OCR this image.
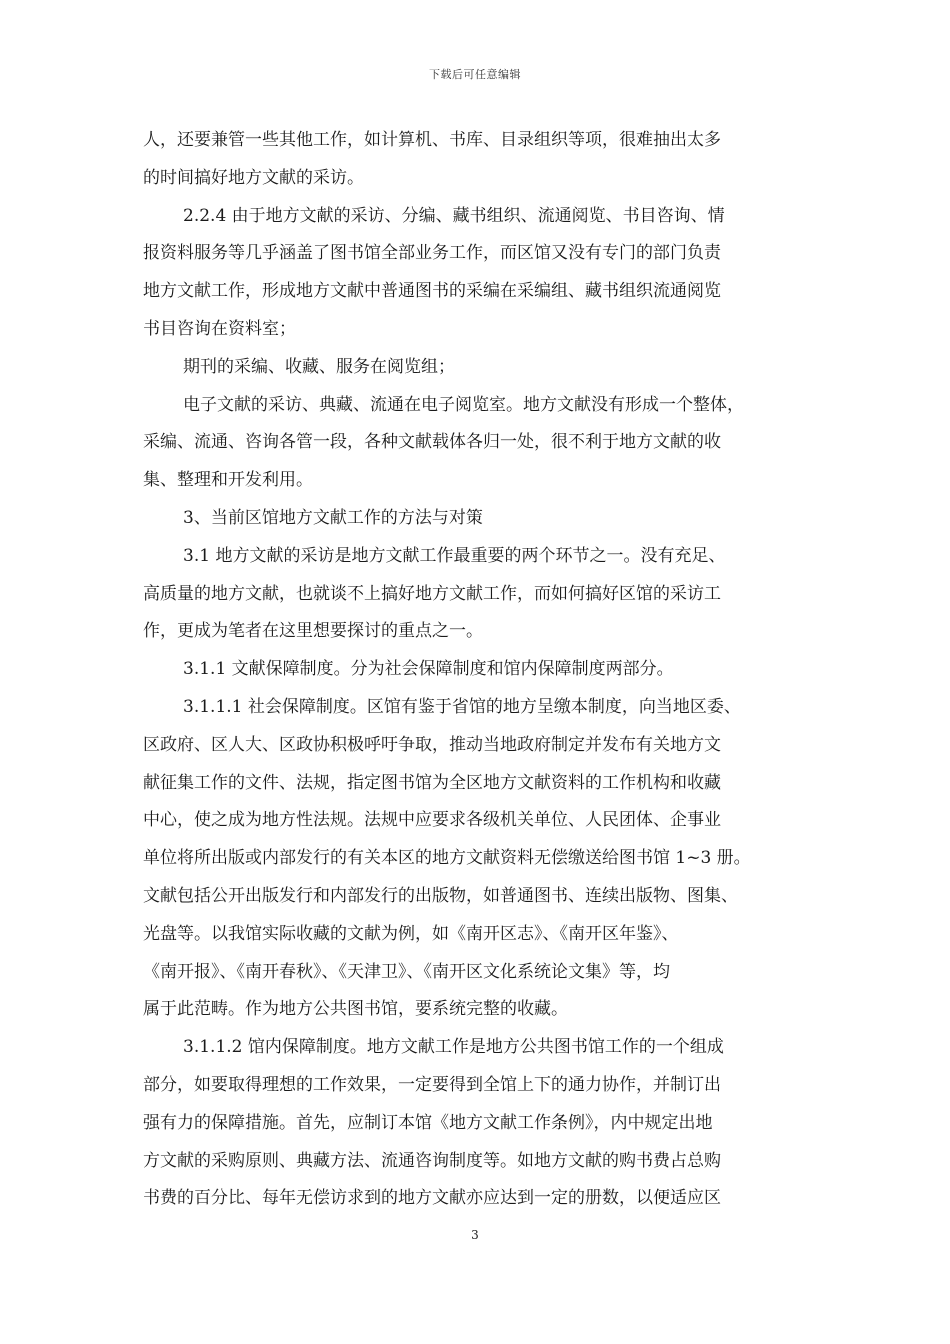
下载后可任意编辑
人，还要兼管一些其他工作，如计算机、书库、目录组织等项，很难抽出太多
的时间搞好地方文献的采访。
2.2.4 由于地方文献的采访、分编、藏书组织、流通阅览、书目咨询、情
报资料服务等几乎涵盖了图书馆全部业务工作，而区馆又没有专门的部门负责
地方文献工作，形成地方文献中普通图书的采编在采编组、藏书组织流通阅览
书目咨询在资料室；
期刊的采编、收藏、服务在阅览组；
电子文献的采访、典藏、流通在电子阅览室。地方文献没有形成一个整体，
采编、流通、咨询各管一段，各种文献载体各归一处，很不利于地方文献的收
集、整理和开发利用。
3、当前区馆地方文献工作的方法与对策
3.1 地方文献的采访是地方文献工作最重要的两个环节之一。没有充足、
高质量的地方文献，也就谈不上搞好地方文献工作，而如何搞好区馆的采访工
作，更成为笔者在这里想要探讨的重点之一。
3.1.1 文献保障制度。分为社会保障制度和馆内保障制度两部分。
3.1.1.1 社会保障制度。区馆有鉴于省馆的地方呈缴本制度，向当地区委、
区政府、区人大、区政协积极呼吁争取，推动当地政府制定并发布有关地方文
献征集工作的文件、法规，指定图书馆为全区地方文献资料的工作机构和收藏
中心，使之成为地方性法规。法规中应要求各级机关单位、人民团体、企事业
单位将所出版或内部发行的有关本区的地方文献资料无偿缴送给图书馆 1~3 册。
文献包括公开出版发行和内部发行的出版物，如普通图书、连续出版物、图集、
光盘等。以我馆实际收藏的文献为例，如《南开区志》、《南开区年鉴》、
《南开报》、《南开春秋》、《天津卫》、《南开区文化系统论文集》等，均
属于此范畴。作为地方公共图书馆，要系统完整的收藏。
3.1.1.2 馆内保障制度。地方文献工作是地方公共图书馆工作的一个组成
部分，如要取得理想的工作效果，一定要得到全馆上下的通力协作，并制订出
强有力的保障措施。首先，应制订本馆《地方文献工作条例》，内中规定出地
方文献的采购原则、典藏方法、流通咨询制度等。如地方文献的购书费占总购
书费的百分比、每年无偿访求到的地方文献亦应达到一定的册数，以便适应区
3
